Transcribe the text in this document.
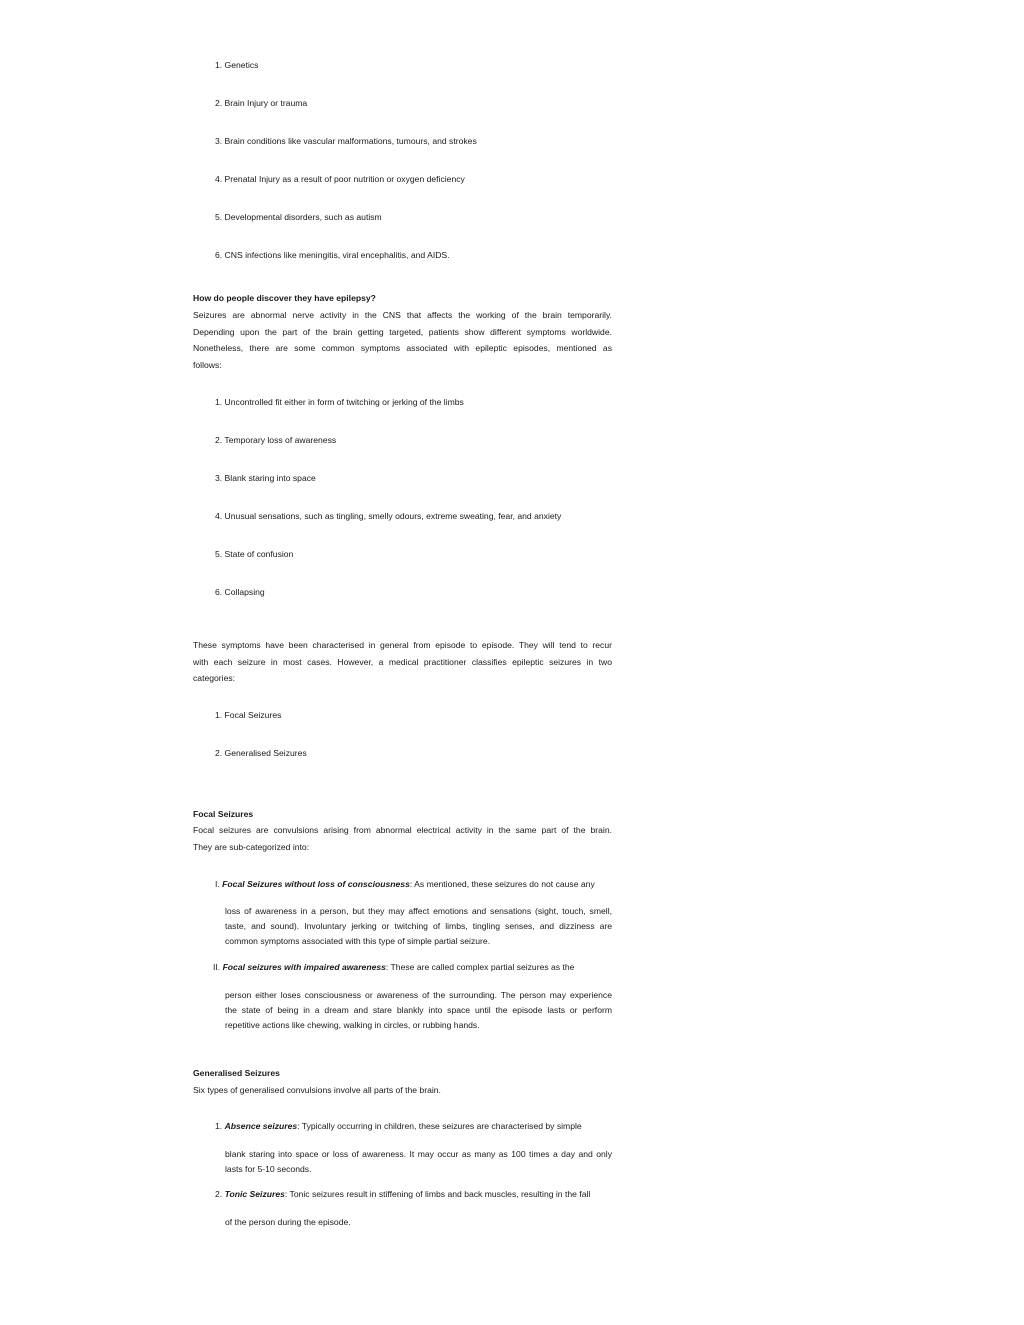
1. Genetics
2. Brain Injury or trauma
3. Brain conditions like vascular malformations, tumours, and strokes
4. Prenatal Injury as a result of poor nutrition or oxygen deficiency
5. Developmental disorders, such as autism
6. CNS infections like meningitis, viral encephalitis, and AIDS.
How do people discover they have epilepsy?
Seizures are abnormal nerve activity in the CNS that affects the working of the brain temporarily.
Depending upon the part of the brain getting targeted, patients show different symptoms worldwide.
Nonetheless, there are some common symptoms associated with epileptic episodes, mentioned as
follows:
1. Uncontrolled fit either in form of twitching or jerking of the limbs
2. Temporary loss of awareness
3. Blank staring into space
4. Unusual sensations, such as tingling, smelly odours, extreme sweating, fear, and anxiety
5. State of confusion
6. Collapsing
These symptoms have been characterised in general from episode to episode. They will tend to recur
with each seizure in most cases. However, a medical practitioner classifies epileptic seizures in two
categories:
1. Focal Seizures
2. Generalised Seizures
Focal Seizures
Focal seizures are convulsions arising from abnormal electrical activity in the same part of the brain.
They are sub-categorized into:
I. Focal Seizures without loss of consciousness: As mentioned, these seizures do not cause any
loss of awareness in a person, but they may affect emotions and sensations (sight, touch, smell,
taste, and sound). Involuntary jerking or twitching of limbs, tingling senses, and dizziness are
common symptoms associated with this type of simple partial seizure.
II. Focal seizures with impaired awareness: These are called complex partial seizures as the
person either loses consciousness or awareness of the surrounding. The person may experience
the state of being in a dream and stare blankly into space until the episode lasts or perform
repetitive actions like chewing, walking in circles, or rubbing hands.
Generalised Seizures
Six types of generalised convulsions involve all parts of the brain.
1. Absence seizures: Typically occurring in children, these seizures are characterised by simple
blank staring into space or loss of awareness. It may occur as many as 100 times a day and only
lasts for 5-10 seconds.
2. Tonic Seizures: Tonic seizures result in stiffening of limbs and back muscles, resulting in the fall
of the person during the episode.
